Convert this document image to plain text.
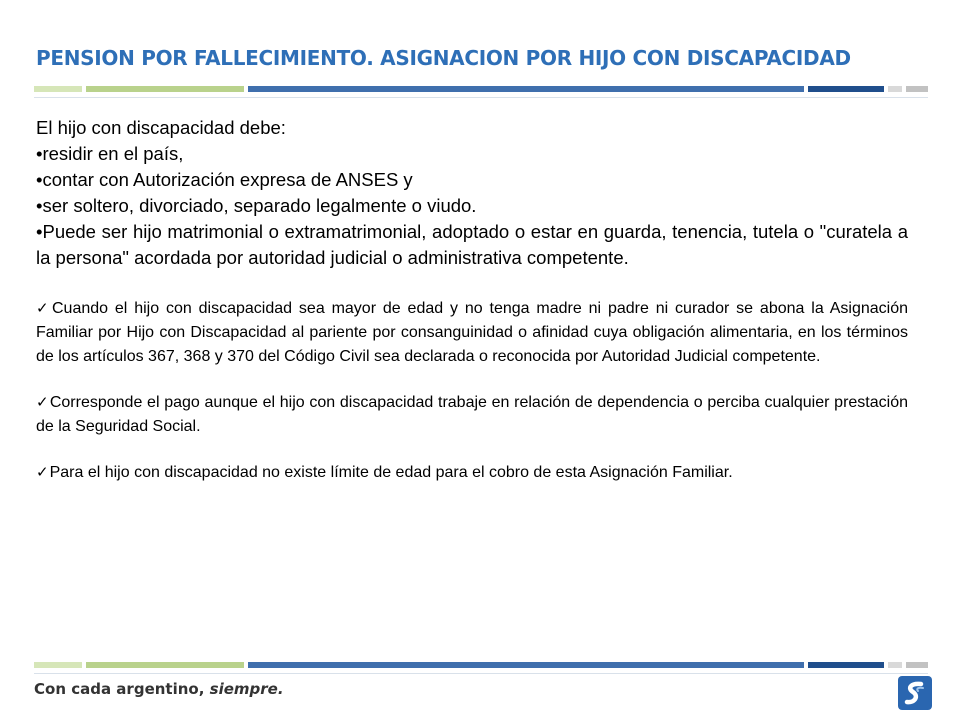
PENSION POR FALLECIMIENTO. ASIGNACION POR HIJO CON DISCAPACIDAD

El hijo con discapacidad debe:

•residir en el país,

•contar con Autorización expresa de ANSES y

•ser soltero, divorciado, separado legalmente o viudo.

•Puede ser hijo matrimonial o extramatrimonial, adoptado o estar en guarda, tenencia, tutela o "curatela a la persona" acordada por autoridad judicial o administrativa competente.

✓Cuando el hijo con discapacidad sea mayor de edad y no tenga madre ni padre ni curador se abona la Asignación Familiar por Hijo con Discapacidad al pariente por consanguinidad o afinidad cuya obligación alimentaria, en los términos de los artículos 367, 368 y 370 del Código Civil sea declarada o reconocida por Autoridad Judicial competente.

✓Corresponde el pago aunque el hijo con discapacidad trabaje en relación de dependencia o perciba cualquier prestación de la Seguridad Social.

✓Para el hijo con discapacidad no existe límite de edad para el cobro de esta Asignación Familiar.

Con cada argentino, siempre.
